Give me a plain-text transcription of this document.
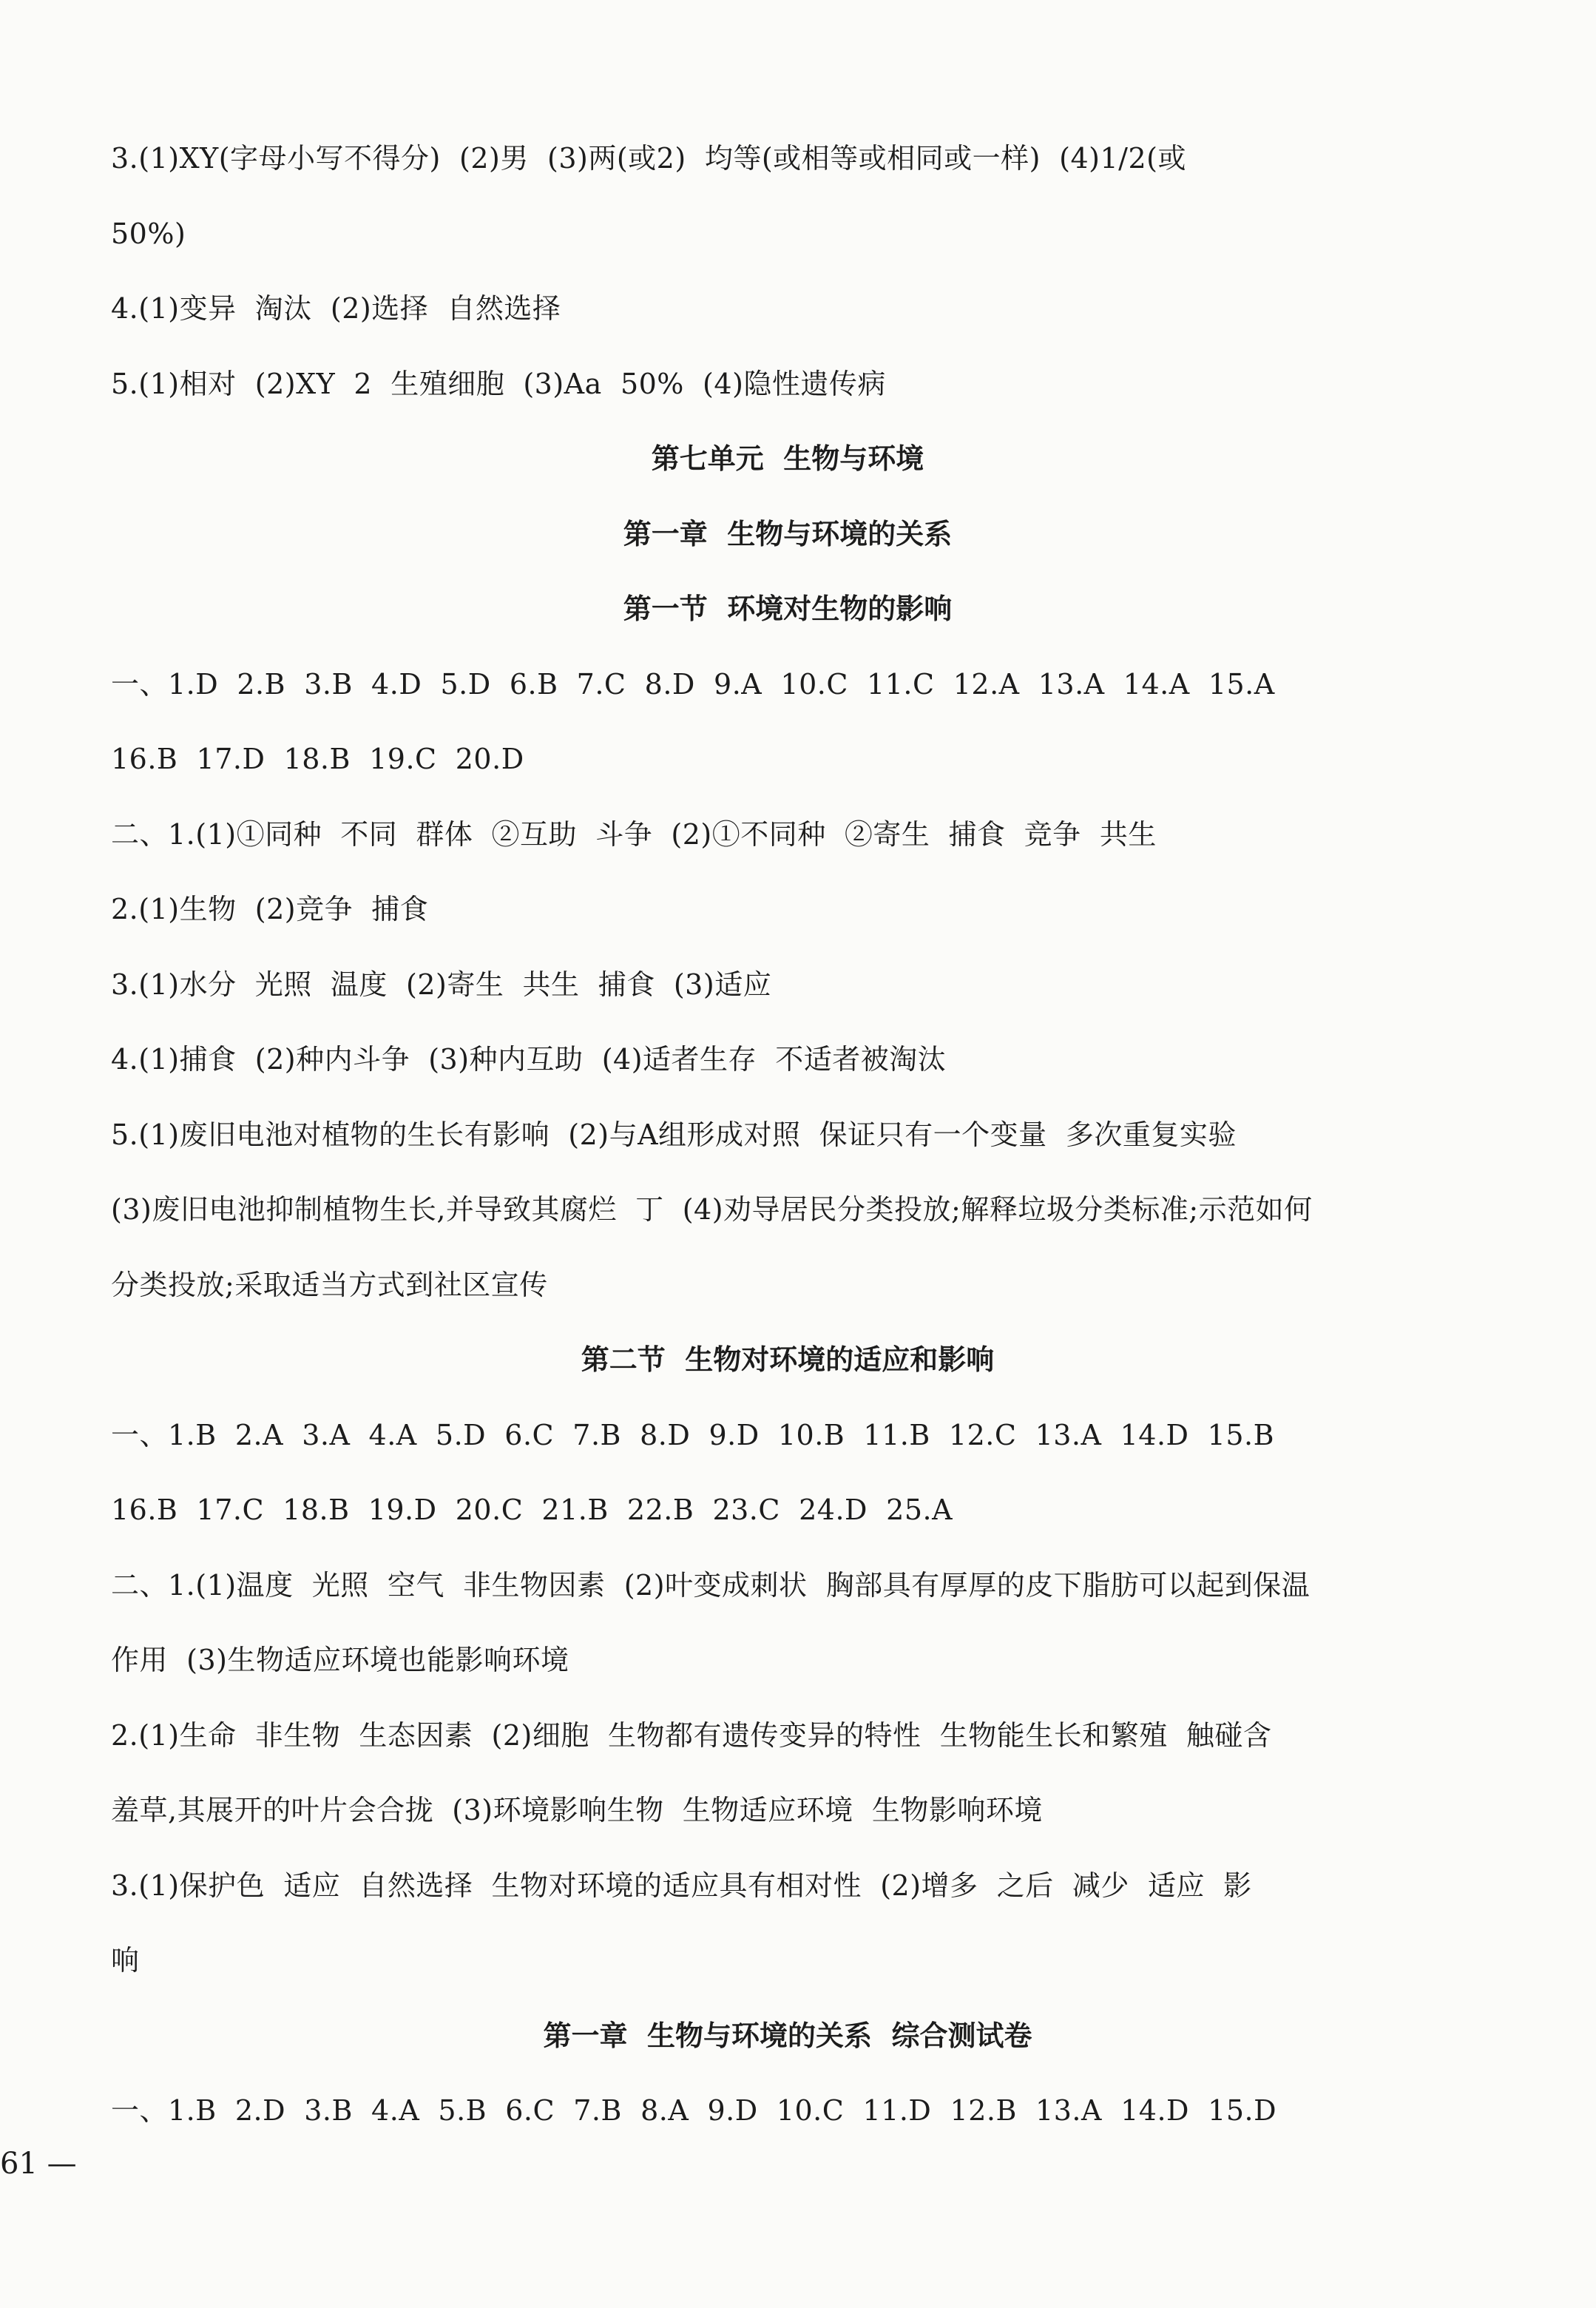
3.(1)XY(字母小写不得分)  (2)男  (3)两(或2)  均等(或相等或相同或一样)  (4)1/2(或
50%)
4.(1)变异  淘汰  (2)选择  自然选择
5.(1)相对  (2)XY  2  生殖细胞  (3)Aa  50%  (4)隐性遗传病
第七单元  生物与环境
第一章  生物与环境的关系
第一节  环境对生物的影响
一、1.D  2.B  3.B  4.D  5.D  6.B  7.C  8.D  9.A  10.C  11.C  12.A  13.A  14.A  15.A
16.B  17.D  18.B  19.C  20.D
二、1.(1)①同种  不同  群体  ②互助  斗争  (2)①不同种  ②寄生  捕食  竞争  共生
2.(1)生物  (2)竞争  捕食
3.(1)水分  光照  温度  (2)寄生  共生  捕食  (3)适应
4.(1)捕食  (2)种内斗争  (3)种内互助  (4)适者生存  不适者被淘汰
5.(1)废旧电池对植物的生长有影响  (2)与A组形成对照  保证只有一个变量  多次重复实验
(3)废旧电池抑制植物生长,并导致其腐烂  丁  (4)劝导居民分类投放;解释垃圾分类标准;示范如何
分类投放;采取适当方式到社区宣传
第二节  生物对环境的适应和影响
一、1.B  2.A  3.A  4.A  5.D  6.C  7.B  8.D  9.D  10.B  11.B  12.C  13.A  14.D  15.B
16.B  17.C  18.B  19.D  20.C  21.B  22.B  23.C  24.D  25.A
二、1.(1)温度  光照  空气  非生物因素  (2)叶变成刺状  胸部具有厚厚的皮下脂肪可以起到保温
作用  (3)生物适应环境也能影响环境
2.(1)生命  非生物  生态因素  (2)细胞  生物都有遗传变异的特性  生物能生长和繁殖  触碰含
羞草,其展开的叶片会合拢  (3)环境影响生物  生物适应环境  生物影响环境
3.(1)保护色  适应  自然选择  生物对环境的适应具有相对性  (2)增多  之后  减少  适应  影
响
第一章  生物与环境的关系  综合测试卷
一、1.B  2.D  3.B  4.A  5.B  6.C  7.B  8.A  9.D  10.C  11.D  12.B  13.A  14.D  15.D
61 —
